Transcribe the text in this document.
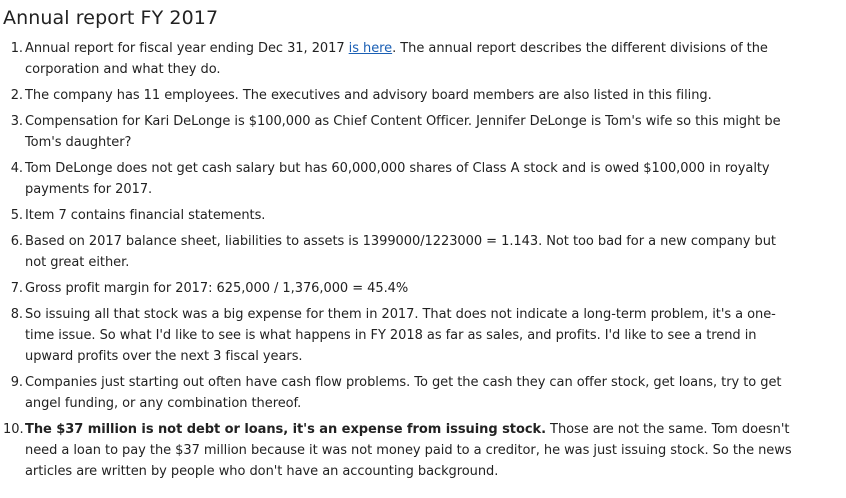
Annual report FY 2017
1. Annual report for fiscal year ending Dec 31, 2017 is here. The annual report describes the different divisions of the corporation and what they do.
2. The company has 11 employees. The executives and advisory board members are also listed in this filing.
3. Compensation for Kari DeLonge is $100,000 as Chief Content Officer. Jennifer DeLonge is Tom's wife so this might be Tom's daughter?
4. Tom DeLonge does not get cash salary but has 60,000,000 shares of Class A stock and is owed $100,000 in royalty payments for 2017.
5. Item 7 contains financial statements.
6. Based on 2017 balance sheet, liabilities to assets is 1399000/1223000 = 1.143. Not too bad for a new company but not great either.
7. Gross profit margin for 2017: 625,000 / 1,376,000 = 45.4%
8. So issuing all that stock was a big expense for them in 2017. That does not indicate a long-term problem, it's a one-time issue. So what I'd like to see is what happens in FY 2018 as far as sales, and profits. I'd like to see a trend in upward profits over the next 3 fiscal years.
9. Companies just starting out often have cash flow problems. To get the cash they can offer stock, get loans, try to get angel funding, or any combination thereof.
10. The $37 million is not debt or loans, it's an expense from issuing stock. Those are not the same. Tom doesn't need a loan to pay the $37 million because it was not money paid to a creditor, he was just issuing stock. So the news articles are written by people who don't have an accounting background.
